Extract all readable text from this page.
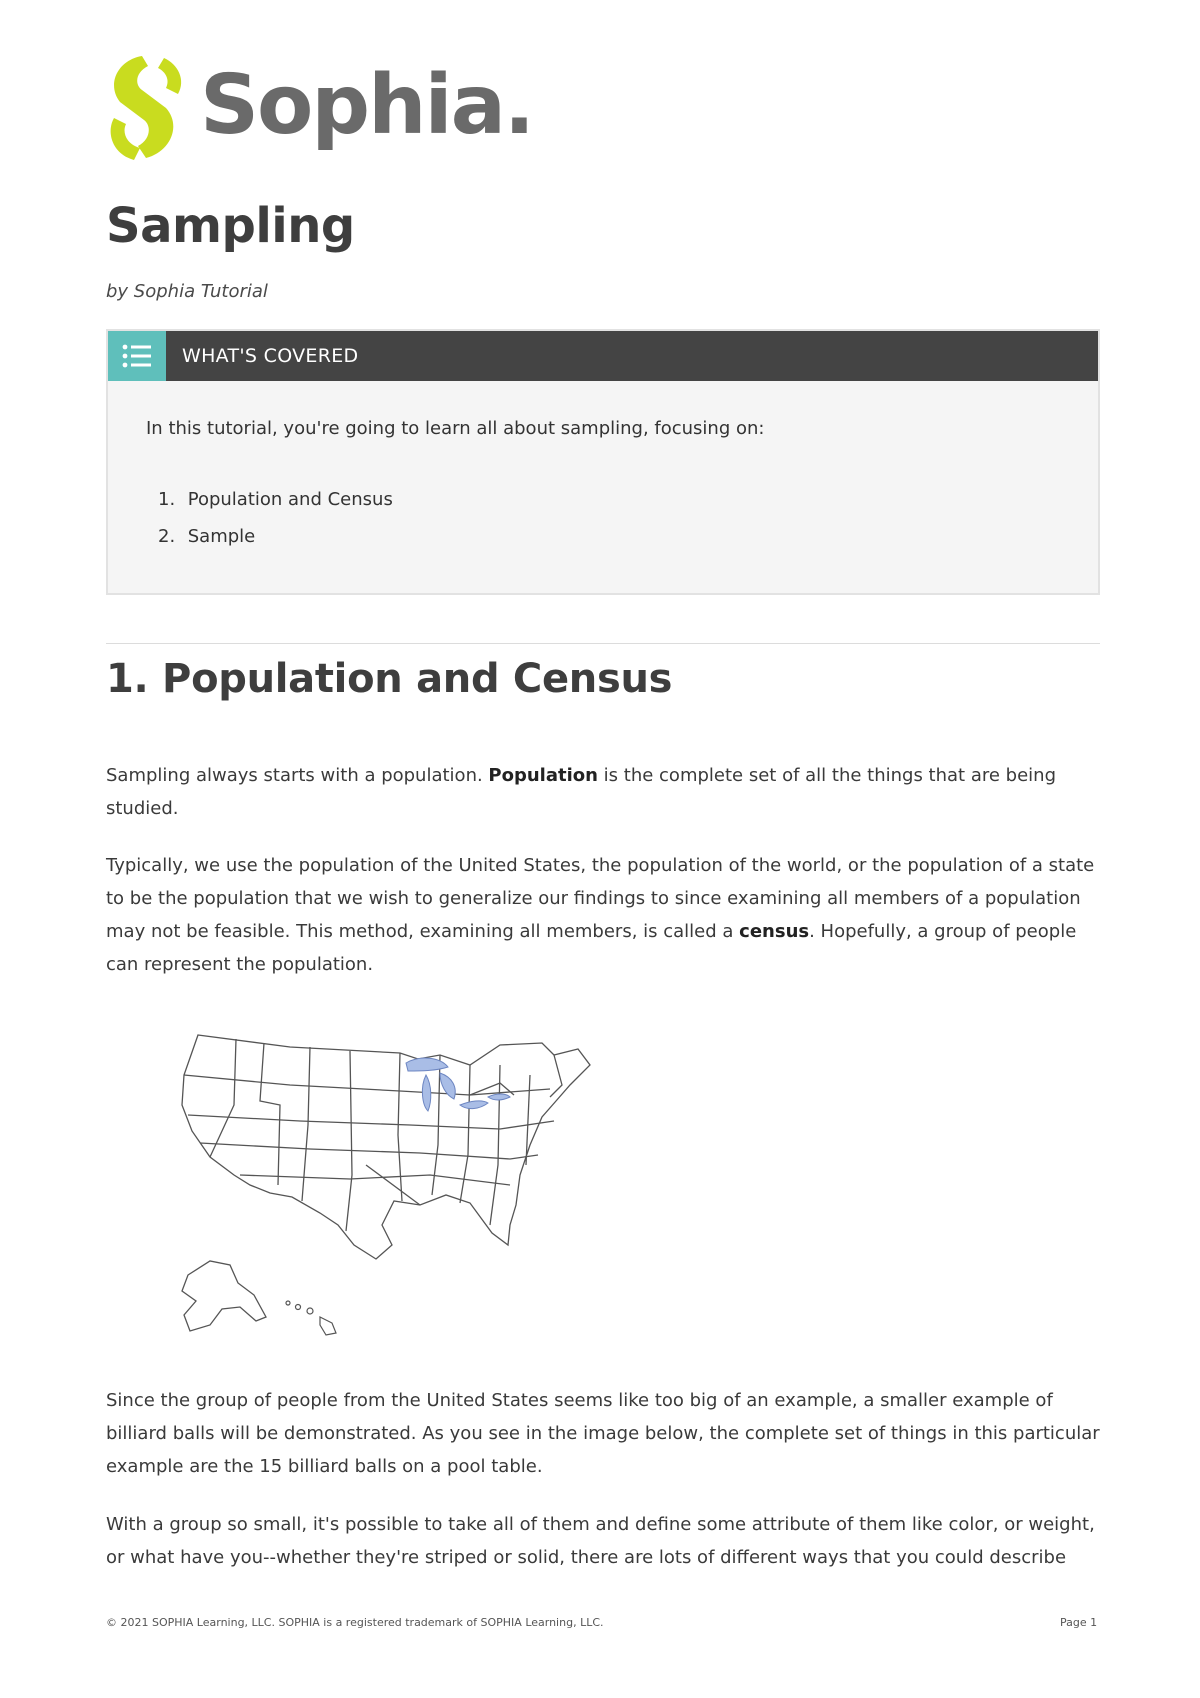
Sophia.
Sampling
by Sophia Tutorial
WHAT'S COVERED
In this tutorial, you're going to learn all about sampling, focusing on:
1. Population and Census
2. Sample
1. Population and Census

Sampling always starts with a population. Population is the complete set of all the things that are being studied.

Typically, we use the population of the United States, the population of the world, or the population of a state to be the population that we wish to generalize our findings to since examining all members of a population may not be feasible. This method, examining all members, is called a census. Hopefully, a group of people can represent the population.

Since the group of people from the United States seems like too big of an example, a smaller example of billiard balls will be demonstrated. As you see in the image below, the complete set of things in this particular example are the 15 billiard balls on a pool table.

With a group so small, it's possible to take all of them and define some attribute of them like color, or weight, or what have you--whether they're striped or solid, there are lots of different ways that you could describe

© 2021 SOPHIA Learning, LLC. SOPHIA is a registered trademark of SOPHIA Learning, LLC.	Page 1
